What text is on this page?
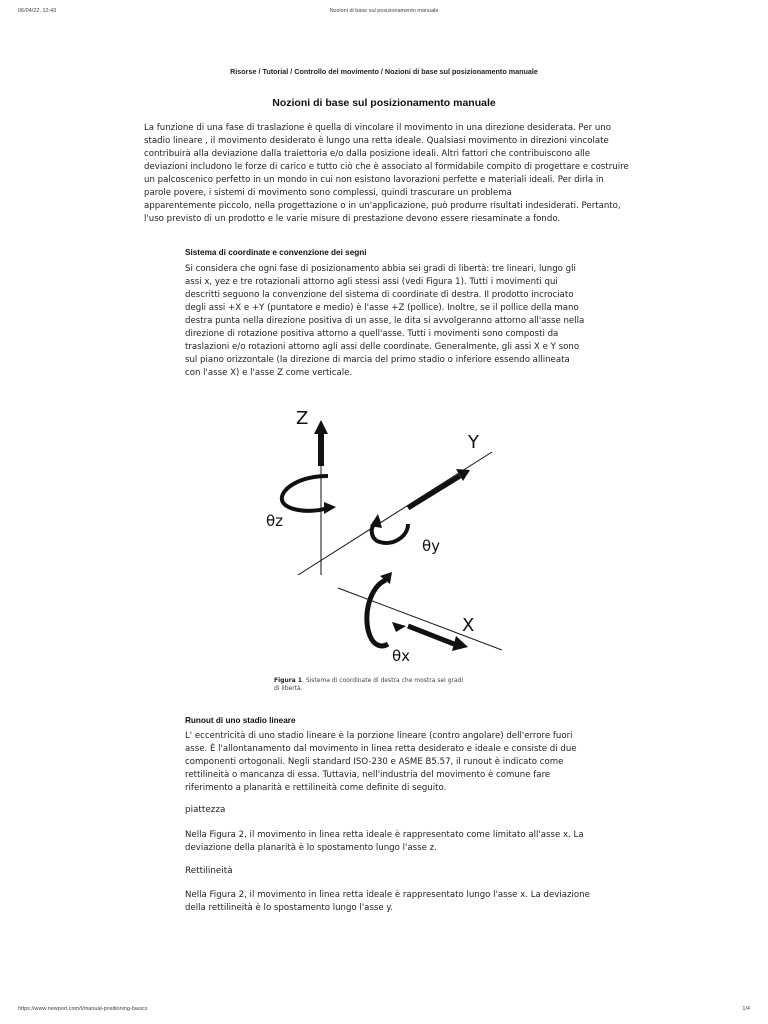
06/04/22, 12:43	Nozioni di base sul posizionamento manuale
Risorse / Tutorial / Controllo del movimento / Nozioni di base sul posizionamento manuale
Nozioni di base sul posizionamento manuale
La funzione di una fase di traslazione è quella di vincolare il movimento in una direzione desiderata. Per uno
stadio lineare , il movimento desiderato è lungo una retta ideale. Qualsiasi movimento in direzioni vincolate
contribuirà alla deviazione dalla traiettoria e/o dalla posizione ideali. Altri fattori che contribuiscono alle
deviazioni includono le forze di carico e tutto ciò che è associato al formidabile compito di progettare e costruire
un palcoscenico perfetto in un mondo in cui non esistono lavorazioni perfette e materiali ideali. Per dirla in
parole povere, i sistemi di movimento sono complessi, quindi trascurare un problema
apparentemente piccolo, nella progettazione o in un'applicazione, può produrre risultati indesiderati. Pertanto,
l'uso previsto di un prodotto e le varie misure di prestazione devono essere riesaminate a fondo.
Sistema di coordinate e convenzione dei segni
Si considera che ogni fase di posizionamento abbia sei gradi di libertà: tre lineari, lungo gli
assi x, yez e tre rotazionali attorno agli stessi assi (vedi Figura 1). Tutti i movimenti qui
descritti seguono la convenzione del sistema di coordinate di destra. Il prodotto incrociato
degli assi +X e +Y (puntatore e medio) è l'asse +Z (pollice). Inoltre, se il pollice della mano
destra punta nella direzione positiva di un asse, le dita si avvolgeranno attorno all'asse nella
direzione di rotazione positiva attorno a quell'asse. Tutti i movimenti sono composti da
traslazioni e/o rotazioni attorno agli assi delle coordinate. Generalmente, gli assi X e Y sono
sul piano orizzontale (la direzione di marcia del primo stadio o inferiore essendo allineata
con l'asse X) e l'asse Z come verticale.
Z
Y
X
θz
θy
θx
Figura 1. Sistema di coordinate di destra che mostra sei gradi
di libertà.
Runout di uno stadio lineare
L' eccentricità di uno stadio lineare è la porzione lineare (contro angolare) dell'errore fuori
asse. È l'allontanamento dal movimento in linea retta desiderato e ideale e consiste di due
componenti ortogonali. Negli standard ISO-230 e ASME B5.57, il runout è indicato come
rettilineità o mancanza di essa. Tuttavia, nell'industria del movimento è comune fare
riferimento a planarità e rettilineità come definite di seguito.
piattezza
Nella Figura 2, il movimento in linea retta ideale è rappresentato come limitato all'asse x. La
deviazione della planarità è lo spostamento lungo l'asse z.
Rettilineità
Nella Figura 2, il movimento in linea retta ideale è rappresentato lungo l'asse x. La deviazione
della rettilineità è lo spostamento lungo l'asse y.
https://www.newport.com/t/manual-positioning-basics	1/4
